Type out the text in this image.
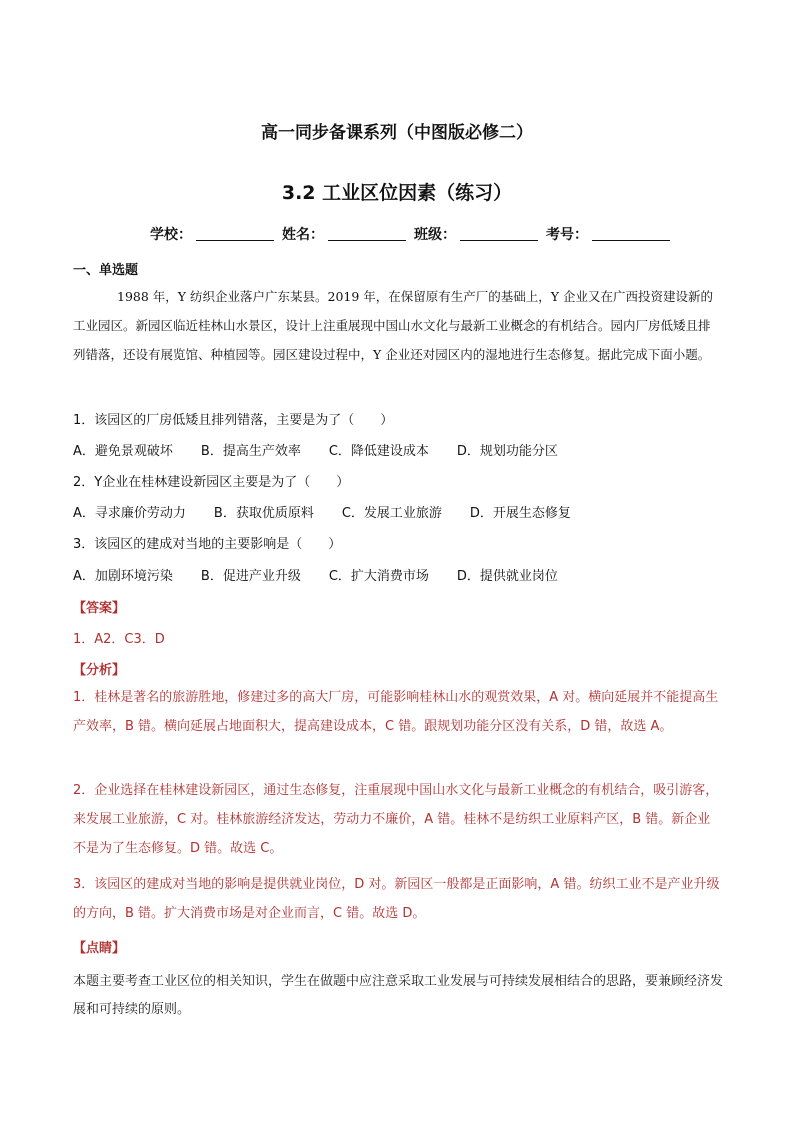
高一同步备课系列（中图版必修二）
3.2 工业区位因素（练习）
学校：	姓名：	班级：	考号：
一、单选题
1988 年，Y 纺织企业落户广东某县。2019 年，在保留原有生产厂的基础上，Y 企业又在广西投资建设新的工业园区。新园区临近桂林山水景区，设计上注重展现中国山水文化与最新工业概念的有机结合。园内厂房低矮且排列错落，还设有展览馆、种植园等。园区建设过程中，Y 企业还对园区内的湿地进行生态修复。据此完成下面小题。
1．该园区的厂房低矮且排列错落，主要是为了（　　）
A．避免景观破坏 B．提高生产效率 C．降低建设成本 D．规划功能分区
2．Y企业在桂林建设新园区主要是为了（　　）
A．寻求廉价劳动力 B．获取优质原料 C．发展工业旅游 D．开展生态修复
3．该园区的建成对当地的主要影响是（　　）
A．加剧环境污染 B．促进产业升级 C．扩大消费市场 D．提供就业岗位
【答案】
1．A2．C3．D
【分析】
1．桂林是著名的旅游胜地，修建过多的高大厂房，可能影响桂林山水的观赏效果，A 对。横向延展并不能提高生产效率，B 错。横向延展占地面积大，提高建设成本，C 错。跟规划功能分区没有关系，D 错，故选 A。
2．企业选择在桂林建设新园区，通过生态修复，注重展现中国山水文化与最新工业概念的有机结合，吸引游客，来发展工业旅游，C 对。桂林旅游经济发达，劳动力不廉价，A 错。桂林不是纺织工业原料产区，B 错。新企业不是为了生态修复。D 错。故选 C。
3．该园区的建成对当地的影响是提供就业岗位，D 对。新园区一般都是正面影响，A 错。纺织工业不是产业升级的方向，B 错。扩大消费市场是对企业而言，C 错。故选 D。
【点睛】
本题主要考查工业区位的相关知识，学生在做题中应注意采取工业发展与可持续发展相结合的思路，要兼顾经济发展和可持续的原则。
